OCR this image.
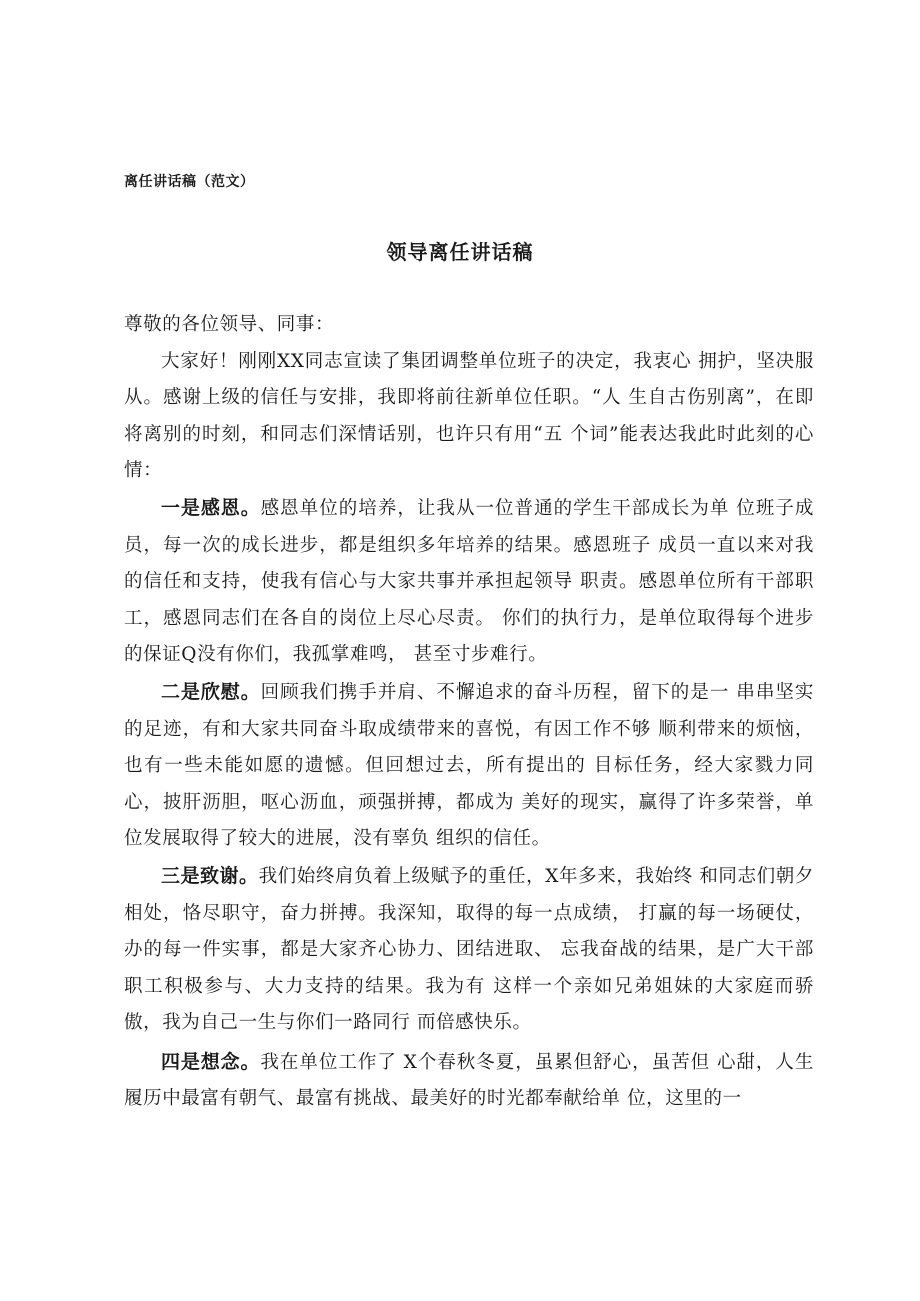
离任讲话稿（范文）
领导离任讲话稿

尊敬的各位领导、同事：

大家好！刚刚XX同志宣读了集团调整单位班子的决定，我衷心 拥护，坚决服从。感谢上级的信任与安排，我即将前往新单位任职。“人 生自古伤别离”，在即将离别的时刻，和同志们深情话别，也许只有用“五 个词”能表达我此时此刻的心情：

一是感恩。感恩单位的培养，让我从一位普通的学生干部成长为单 位班子成员，每一次的成长进步，都是组织多年培养的结果。感恩班子 成员一直以来对我的信任和支持，使我有信心与大家共事并承担起领导 职责。感恩单位所有干部职工，感恩同志们在各自的岗位上尽心尽责。 你们的执行力，是单位取得每个进步的保证Q没有你们，我孤掌难鸣， 甚至寸步难行。

二是欣慰。回顾我们携手并肩、不懈追求的奋斗历程，留下的是一 串串坚实的足迹，有和大家共同奋斗取成绩带来的喜悦，有因工作不够 顺利带来的烦恼，也有一些未能如愿的遗憾。但回想过去，所有提出的 目标任务，经大家戮力同心，披肝沥胆，呕心沥血，顽强拼搏，都成为 美好的现实，赢得了许多荣誉，单位发展取得了较大的进展，没有辜负 组织的信任。

三是致谢。我们始终肩负着上级赋予的重任，X年多来，我始终 和同志们朝夕相处，恪尽职守，奋力拼搏。我深知，取得的每一点成绩， 打赢的每一场硬仗，办的每一件实事，都是大家齐心协力、团结进取、 忘我奋战的结果，是广大干部职工积极参与、大力支持的结果。我为有 这样一个亲如兄弟姐妹的大家庭而骄傲，我为自己一生与你们一路同行 而倍感快乐。

四是想念。我在单位工作了 X个春秋冬夏，虽累但舒心，虽苦但 心甜，人生履历中最富有朝气、最富有挑战、最美好的时光都奉献给单 位，这里的一
